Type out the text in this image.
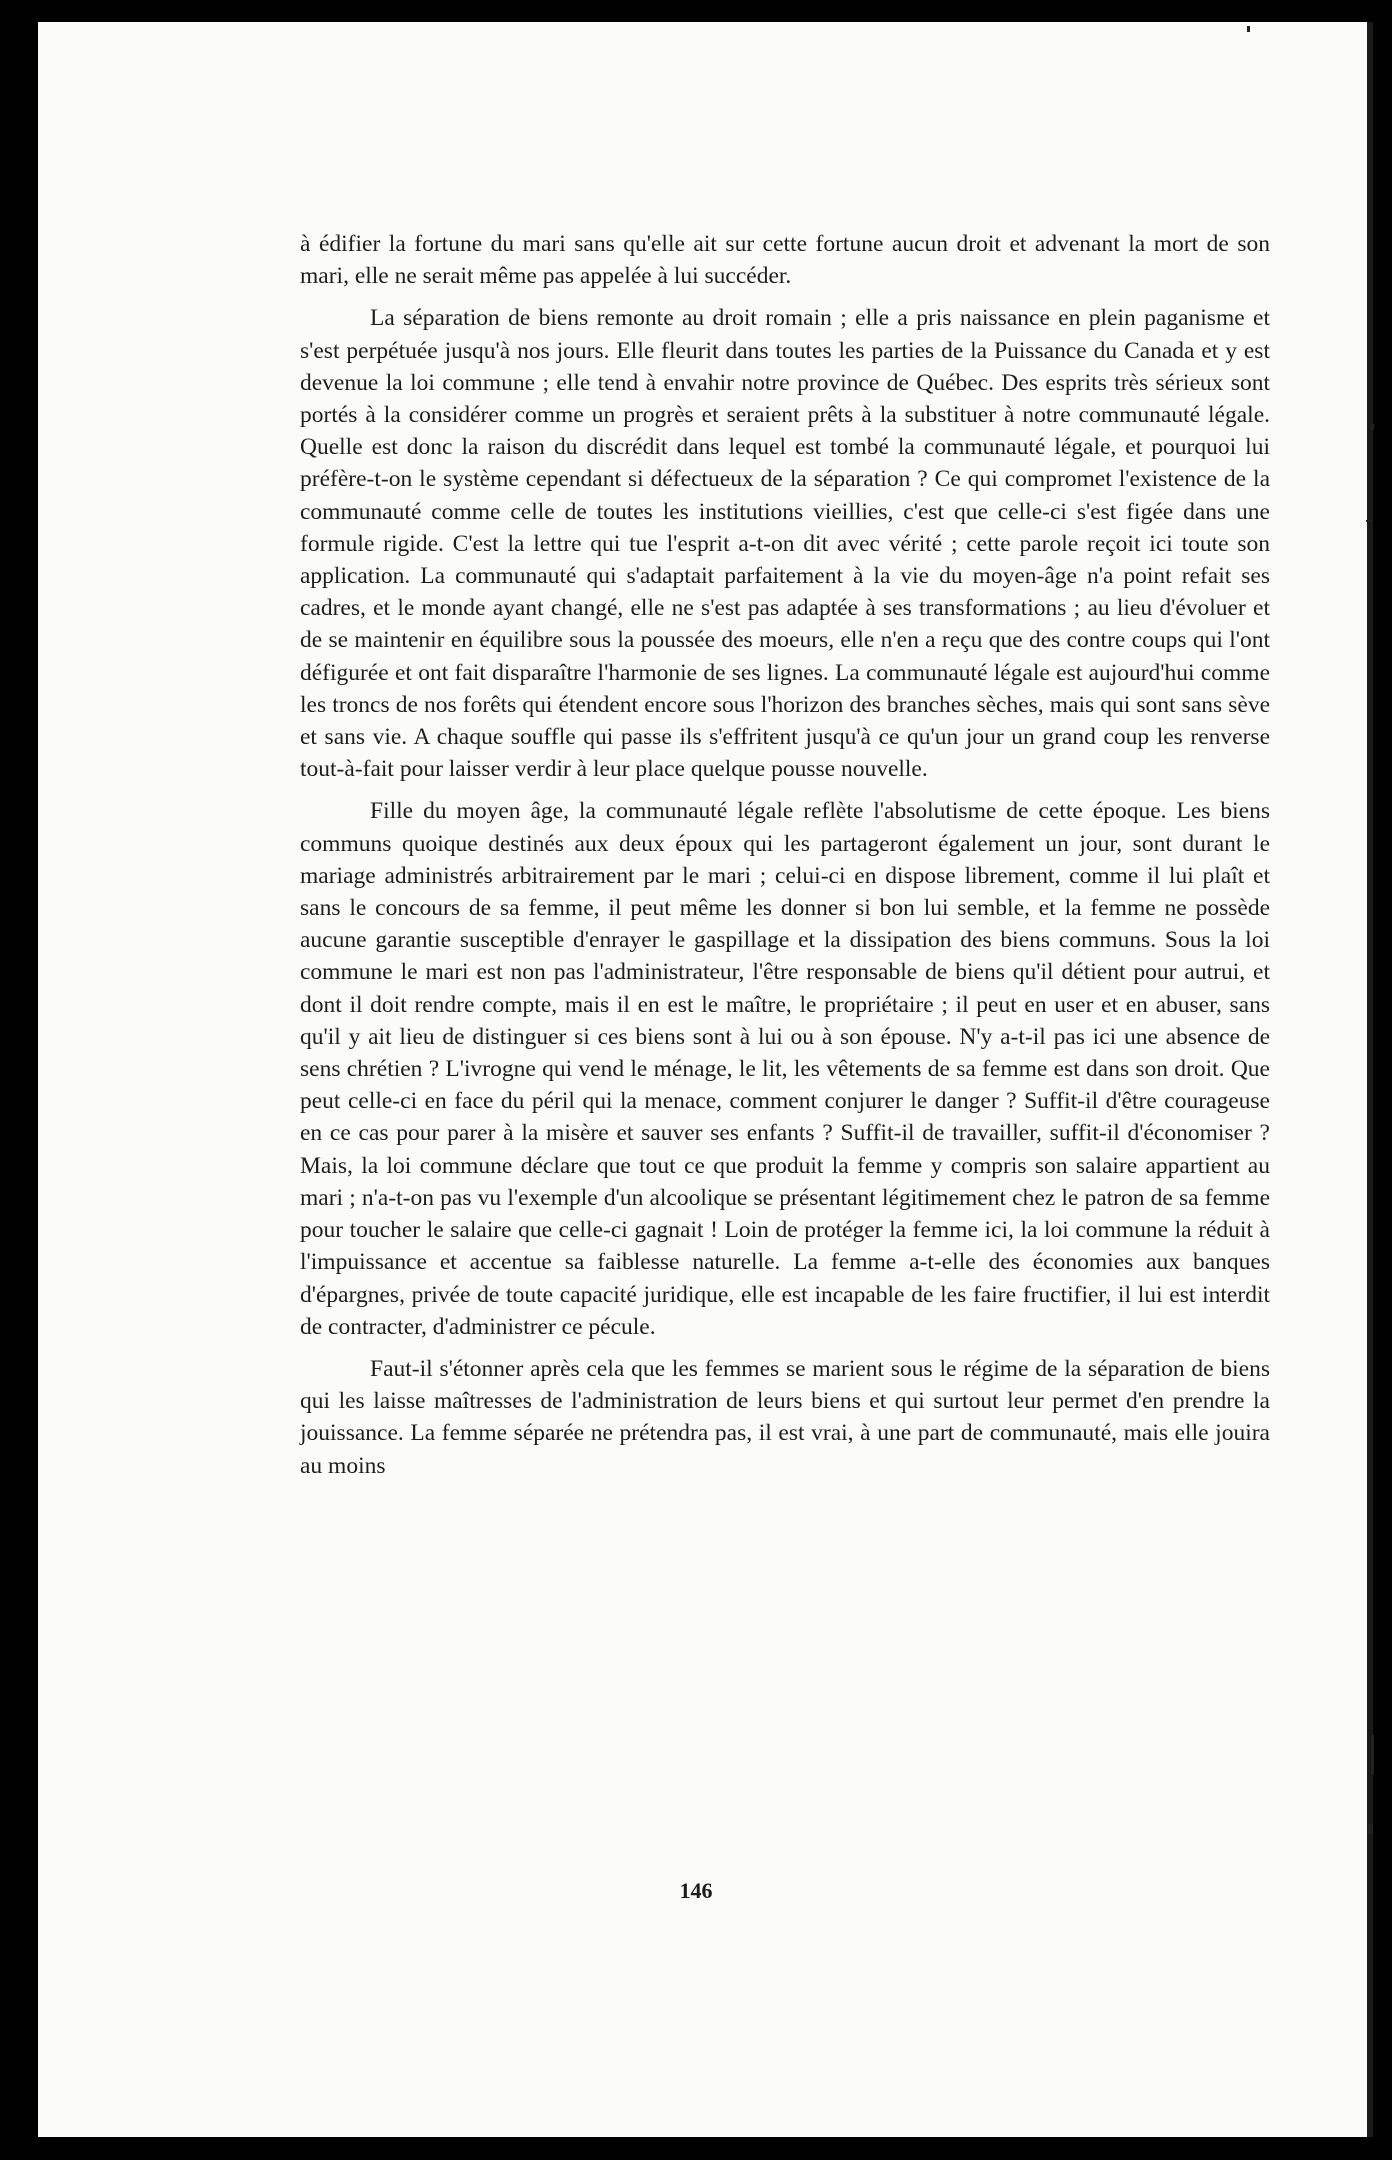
à édifier la fortune du mari sans qu'elle ait sur cette fortune aucun droit et advenant la mort de son mari, elle ne serait même pas appelée à lui succéder.

La séparation de biens remonte au droit romain ; elle a pris naissance en plein paganisme et s'est perpétuée jusqu'à nos jours. Elle fleurit dans toutes les parties de la Puissance du Canada et y est devenue la loi commune ; elle tend à envahir notre province de Québec. Des esprits très sérieux sont portés à la considérer comme un progrès et seraient prêts à la substituer à notre communauté légale. Quelle est donc la raison du discrédit dans lequel est tombé la communauté légale, et pourquoi lui préfère-t-on le système cependant si défectueux de la séparation ? Ce qui compromet l'existence de la communauté comme celle de toutes les institutions vieillies, c'est que celle-ci s'est figée dans une formule rigide. C'est la lettre qui tue l'esprit a-t-on dit avec vérité ; cette parole reçoit ici toute son application. La communauté qui s'adaptait parfaitement à la vie du moyen-âge n'a point refait ses cadres, et le monde ayant changé, elle ne s'est pas adaptée à ses transformations ; au lieu d'évoluer et de se maintenir en équilibre sous la poussée des moeurs, elle n'en a reçu que des contre coups qui l'ont défigurée et ont fait disparaître l'harmonie de ses lignes. La communauté légale est aujourd'hui comme les troncs de nos forêts qui étendent encore sous l'horizon des branches sèches, mais qui sont sans sève et sans vie. A chaque souffle qui passe ils s'effritent jusqu'à ce qu'un jour un grand coup les renverse tout-à-fait pour laisser verdir à leur place quelque pousse nouvelle.

Fille du moyen âge, la communauté légale reflète l'absolutisme de cette époque. Les biens communs quoique destinés aux deux époux qui les partageront également un jour, sont durant le mariage administrés arbitrairement par le mari ; celui-ci en dispose librement, comme il lui plaît et sans le concours de sa femme, il peut même les donner si bon lui semble, et la femme ne possède aucune garantie susceptible d'enrayer le gaspillage et la dissipation des biens communs. Sous la loi commune le mari est non pas l'administrateur, l'être responsable de biens qu'il détient pour autrui, et dont il doit rendre compte, mais il en est le maître, le propriétaire ; il peut en user et en abuser, sans qu'il y ait lieu de distinguer si ces biens sont à lui ou à son épouse. N'y a-t-il pas ici une absence de sens chrétien ? L'ivrogne qui vend le ménage, le lit, les vêtements de sa femme est dans son droit. Que peut celle-ci en face du péril qui la menace, comment conjurer le danger ? Suffit-il d'être courageuse en ce cas pour parer à la misère et sauver ses enfants ? Suffit-il de travailler, suffit-il d'économiser ? Mais, la loi commune déclare que tout ce que produit la femme y compris son salaire appartient au mari ; n'a-t-on pas vu l'exemple d'un alcoolique se présentant légitimement chez le patron de sa femme pour toucher le salaire que celle-ci gagnait ! Loin de protéger la femme ici, la loi commune la réduit à l'impuissance et accentue sa faiblesse naturelle. La femme a-t-elle des économies aux banques d'épargnes, privée de toute capacité juridique, elle est incapable de les faire fructifier, il lui est interdit de contracter, d'administrer ce pécule.

Faut-il s'étonner après cela que les femmes se marient sous le régime de la séparation de biens qui les laisse maîtresses de l'administration de leurs biens et qui surtout leur permet d'en prendre la jouissance. La femme séparée ne prétendra pas, il est vrai, à une part de communauté, mais elle jouira au moins

146
